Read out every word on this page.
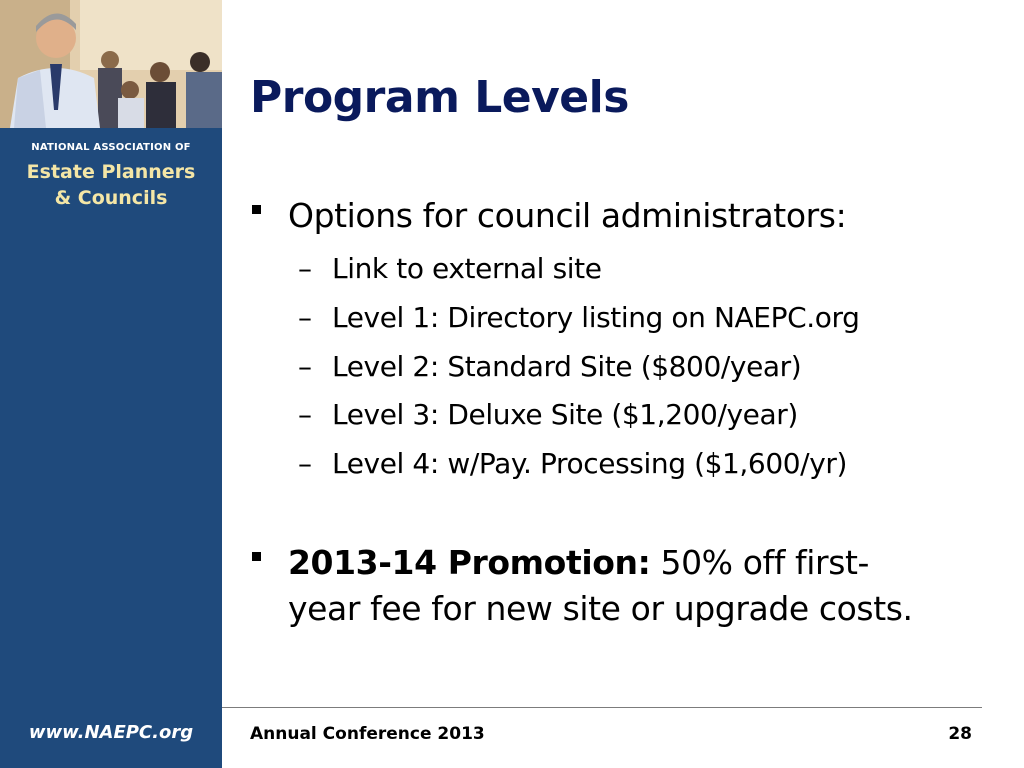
NATIONAL ASSOCIATION OF
Estate Planners
& Councils
www.NAEPC.org
Program Levels
Options for council administrators:
– Link to external site
– Level 1: Directory listing on NAEPC.org
– Level 2: Standard Site ($800/year)
– Level 3: Deluxe Site ($1,200/year)
– Level 4: w/Pay. Processing ($1,600/yr)
2013-14 Promotion: 50% off first-
year fee for new site or upgrade costs.
Annual Conference 2013	28
